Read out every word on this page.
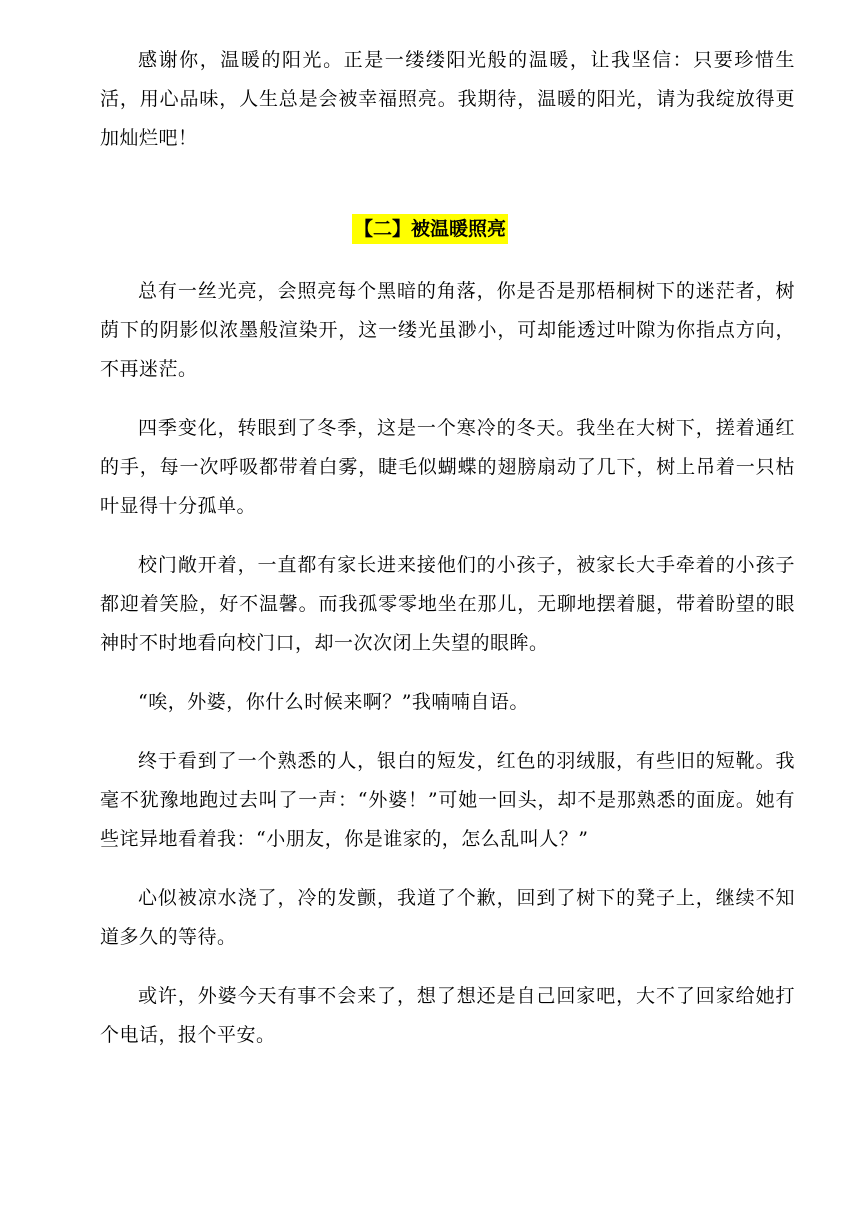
感谢你，温暖的阳光。正是一缕缕阳光般的温暖，让我坚信：只要珍惜生活，用心品味，人生总是会被幸福照亮。我期待，温暖的阳光，请为我绽放得更加灿烂吧！

【二】被温暖照亮

总有一丝光亮，会照亮每个黑暗的角落，你是否是那梧桐树下的迷茫者，树荫下的阴影似浓墨般渲染开，这一缕光虽渺小，可却能透过叶隙为你指点方向，不再迷茫。

四季变化，转眼到了冬季，这是一个寒冷的冬天。我坐在大树下，搓着通红的手，每一次呼吸都带着白雾，睫毛似蝴蝶的翅膀扇动了几下，树上吊着一只枯叶显得十分孤单。

校门敞开着，一直都有家长进来接他们的小孩子，被家长大手牵着的小孩子都迎着笑脸，好不温馨。而我孤零零地坐在那儿，无聊地摆着腿，带着盼望的眼神时不时地看向校门口，却一次次闭上失望的眼眸。

“唉，外婆，你什么时候来啊？”我喃喃自语。

终于看到了一个熟悉的人，银白的短发，红色的羽绒服，有些旧的短靴。我毫不犹豫地跑过去叫了一声：“外婆！”可她一回头，却不是那熟悉的面庞。她有些诧异地看着我：“小朋友，你是谁家的，怎么乱叫人？”

心似被凉水浇了，冷的发颤，我道了个歉，回到了树下的凳子上，继续不知道多久的等待。

或许，外婆今天有事不会来了，想了想还是自己回家吧，大不了回家给她打个电话，报个平安。
